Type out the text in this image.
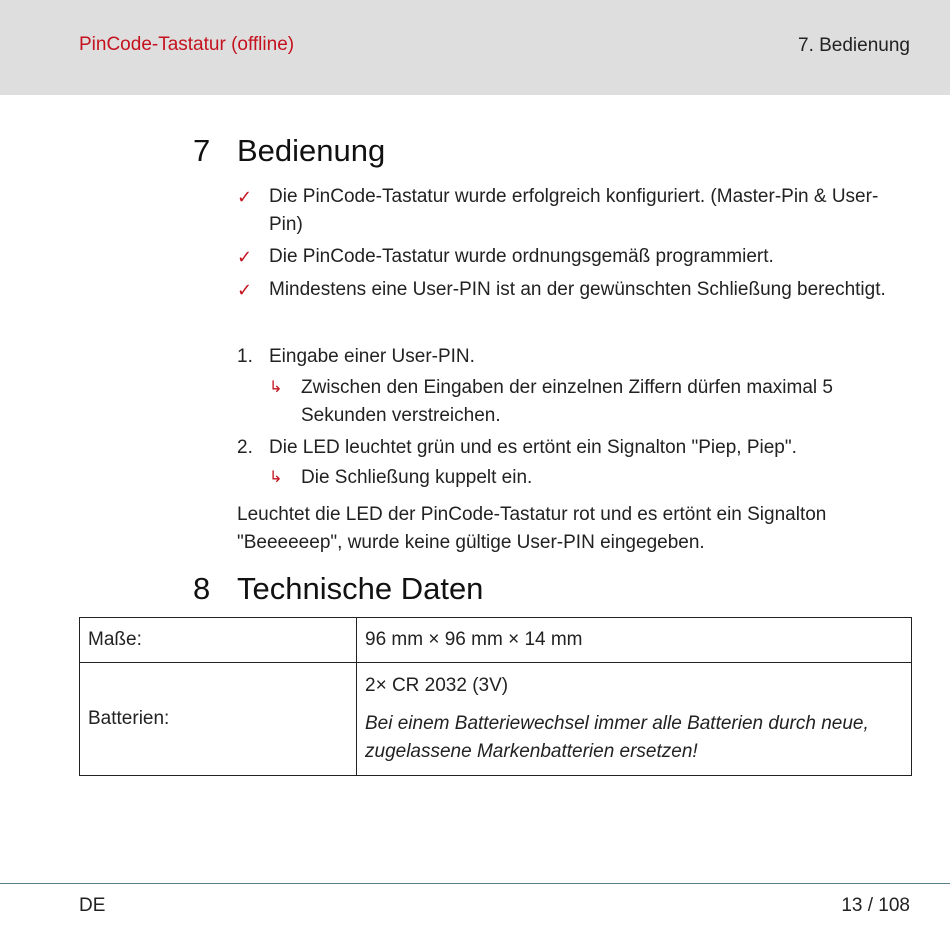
PinCode-Tastatur (offline)	7. Bedienung
7 Bedienung
✓ Die PinCode-Tastatur wurde erfolgreich konfiguriert. (Master-Pin & User-Pin)
✓ Die PinCode-Tastatur wurde ordnungsgemäß programmiert.
✓ Mindestens eine User-PIN ist an der gewünschten Schließung berechtigt.
1. Eingabe einer User-PIN.
↳ Zwischen den Eingaben der einzelnen Ziffern dürfen maximal 5 Sekunden verstreichen.
2. Die LED leuchtet grün und es ertönt ein Signalton "Piep, Piep".
↳ Die Schließung kuppelt ein.
Leuchtet die LED der PinCode-Tastatur rot und es ertönt ein Signalton "Beeeeeep", wurde keine gültige User-PIN eingegeben.
8 Technische Daten
Maße:	96 mm × 96 mm × 14 mm
Batterien:	2× CR 2032 (3V)
Bei einem Batteriewechsel immer alle Batterien durch neue, zugelassene Markenbatterien ersetzen!
DE	13 / 108
